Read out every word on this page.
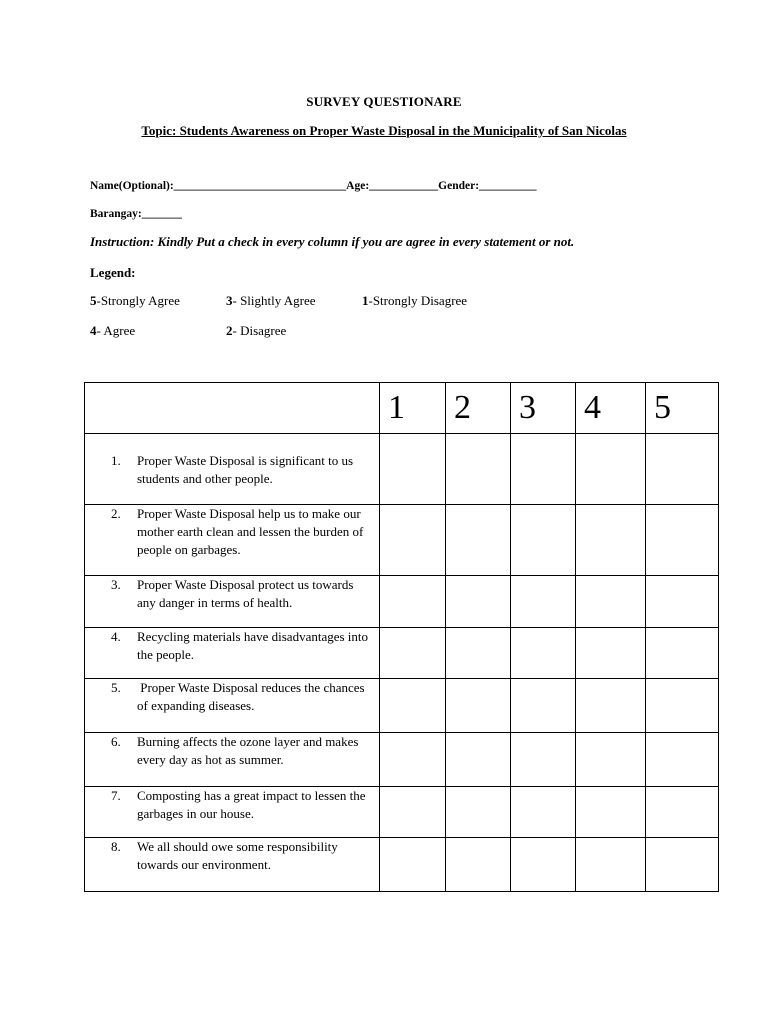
SURVEY QUESTIONARE
Topic: Students Awareness on Proper Waste Disposal in the Municipality of San Nicolas
Name(Optional):______________________________Age:____________Gender:__________
Barangay:_______
Instruction: Kindly Put a check in every column if you are agree in every statement or not.
Legend:
5-Strongly Agree	3- Slightly Agree	1-Strongly Disagree
4- Agree	2- Disagree
	1	2	3	4	5

1. Proper Waste Disposal is significant to us students and other people.					

2. Proper Waste Disposal help us to make our mother earth clean and lessen the burden of people on garbages.					

3. Proper Waste Disposal protect us towards any danger in terms of health.					

4. Recycling materials have disadvantages into the people.					

5. Proper Waste Disposal reduces the chances of expanding diseases.					

6. Burning affects the ozone layer and makes every day as hot as summer.					

7. Composting has a great impact to lessen the garbages in our house.					

8. We all should owe some responsibility towards our environment.					
